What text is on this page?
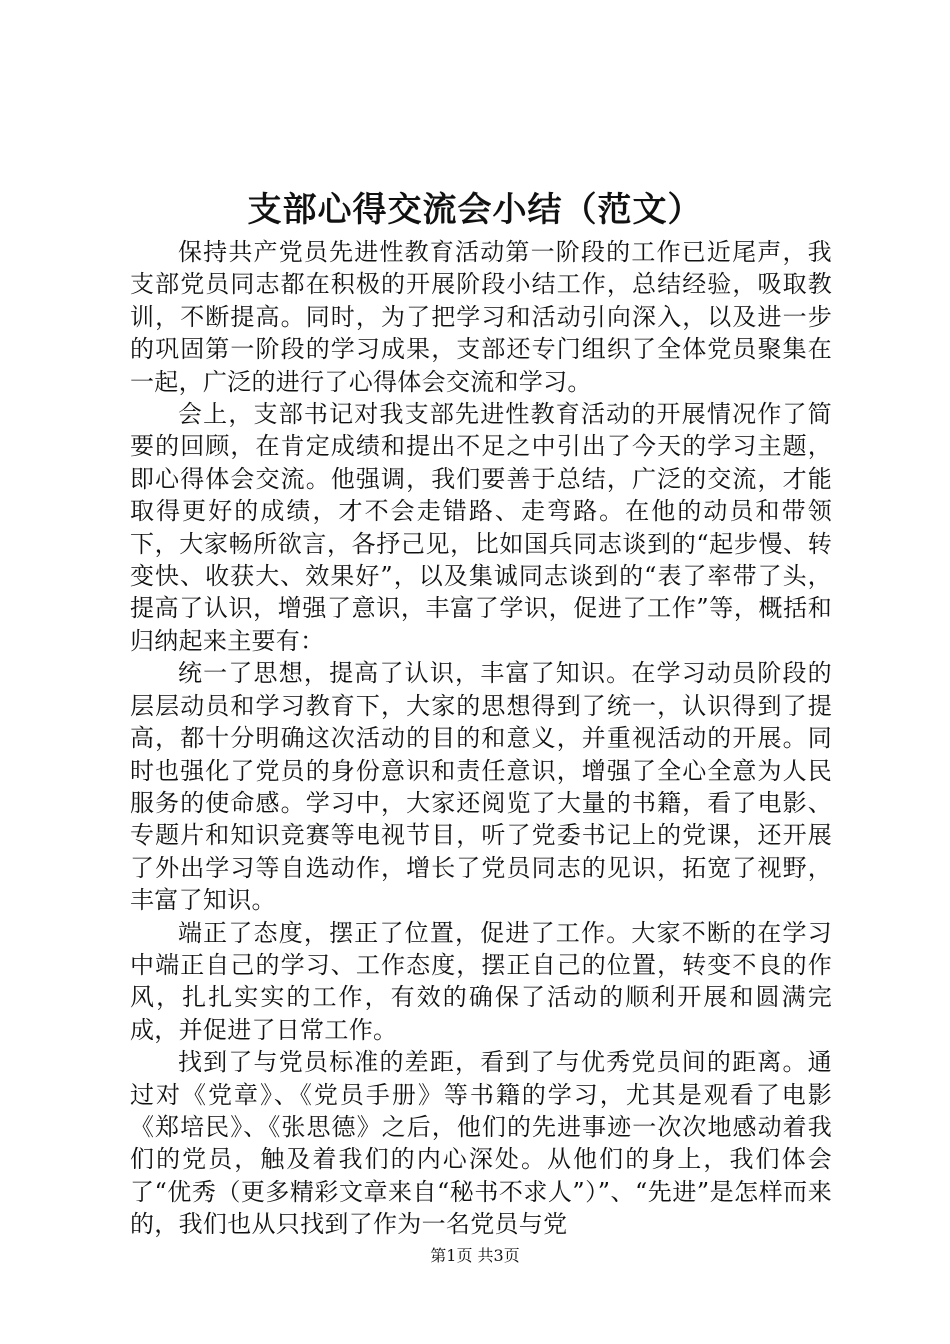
支部心得交流会小结（范文）

保持共产党员先进性教育活动第一阶段的工作已近尾声，我支部党员同志都在积极的开展阶段小结工作，总结经验，吸取教训，不断提高。同时，为了把学习和活动引向深入，以及进一步的巩固第一阶段的学习成果，支部还专门组织了全体党员聚集在一起，广泛的进行了心得体会交流和学习。

会上，支部书记对我支部先进性教育活动的开展情况作了简要的回顾，在肯定成绩和提出不足之中引出了今天的学习主题，即心得体会交流。他强调，我们要善于总结，广泛的交流，才能取得更好的成绩，才不会走错路、走弯路。在他的动员和带领下，大家畅所欲言，各抒己见，比如国兵同志谈到的“起步慢、转变快、收获大、效果好”，以及集诚同志谈到的“表了率带了头，提高了认识，增强了意识，丰富了学识，促进了工作”等，概括和归纳起来主要有：

统一了思想，提高了认识，丰富了知识。在学习动员阶段的层层动员和学习教育下，大家的思想得到了统一，认识得到了提高，都十分明确这次活动的目的和意义，并重视活动的开展。同时也强化了党员的身份意识和责任意识，增强了全心全意为人民服务的使命感。学习中，大家还阅览了大量的书籍，看了电影、专题片和知识竞赛等电视节目，听了党委书记上的党课，还开展了外出学习等自选动作，增长了党员同志的见识，拓宽了视野，丰富了知识。

端正了态度，摆正了位置，促进了工作。大家不断的在学习中端正自己的学习、工作态度，摆正自己的位置，转变不良的作风，扎扎实实的工作，有效的确保了活动的顺利开展和圆满完成，并促进了日常工作。

找到了与党员标准的差距，看到了与优秀党员间的距离。通过对《党章》、《党员手册》等书籍的学习，尤其是观看了电影《郑培民》、《张思德》之后，他们的先进事迹一次次地感动着我们的党员，触及着我们的内心深处。从他们的身上，我们体会了“优秀（更多精彩文章来自“秘书不求人”）”、“先进”是怎样而来的，我们也从只找到了作为一名党员与党

第1页 共3页
